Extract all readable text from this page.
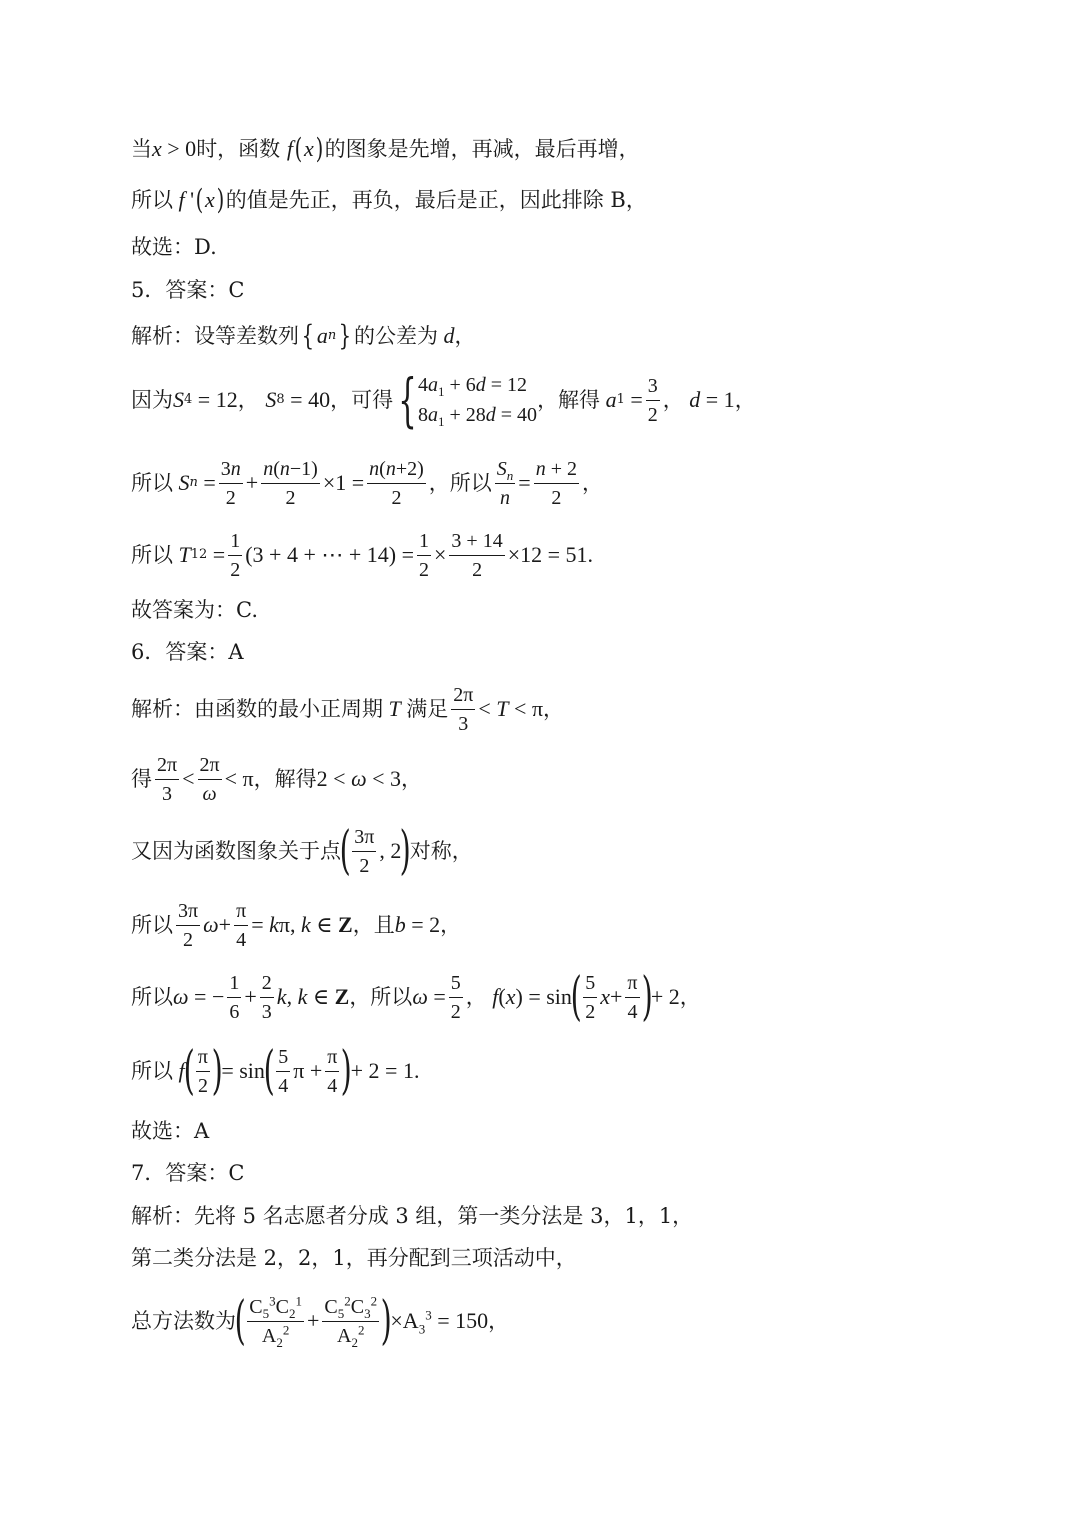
当 x > 0 时，函数 f ( x ) 的图象是先增，再减，最后再增，
所以 f ' ( x ) 的值是先正，再负，最后是正，因此排除 B，
故选：D.
5．答案：C
解析：设等差数列 { a n } 的公差为 d ，
因为 S 4 = 12 ， S 8 = 40 ，可得 { $4a_1 + 6d = 12$
$8a_1 + 28d = 40$
，解得 a $1 = \frac{3}{2}$ ， d = 1 ，
所以 S $n = \frac{3n}{2} + \frac{n(n-1)}{2} \times 1 = \frac{n(n+2)}{2}$ ，所以 $\frac{S_n}{n} = \frac{n + 2}{2}$ ，
所以 T $12 = \frac{1}{2} (3 + 4$ + ⋯ + $14) = \frac{1}{2} \times \frac{3 + 14}{2} \times 12 = 51$.
故答案为：C.
6．答案：A
解析：由函数的最小正周期 T 满足 $\frac{2\pi}{3} < T < \pi$ ，
得 $\frac{2\pi}{3} < \frac{2\pi}{\omega} < \pi$ ，解得 2 < ω < 3 ，
又因为函数图象关于点
( $\frac{3\pi}{2}$ , 2
)
对称，
所以 $\frac{3\pi}{2}$ $\omega + \frac{\pi}{4} = k\pi$, k ∈ Z ，且 b = 2 ，
所以 ω = − $\frac{1}{6} + \frac{2}{3} k$, k ∈ Z ，所以 $\omega = \frac{5}{2}$ ， f(x) = sin
( $\frac{5}{2}$ $x + \frac{\pi}{4}$ )
+ 2 ，
所以 f
( $\frac{\pi}{2}$ )
= sin
( $\frac{5}{4}$ $\pi + \frac{\pi}{4}$ )
+ 2 = 1.
故选：A
7．答案：C
解析：先将 5 名志愿者分成 3 组，第一类分法是 3，1，1，
第二类分法是 2，2，1，再分配到三项活动中，
总方法数为
( $\frac{C_5^3C_2^1}{A_2^2} + \frac{C_5^2C_3^2}{A_2^2}$ )
$\times A_3^3 = 150$ ，
